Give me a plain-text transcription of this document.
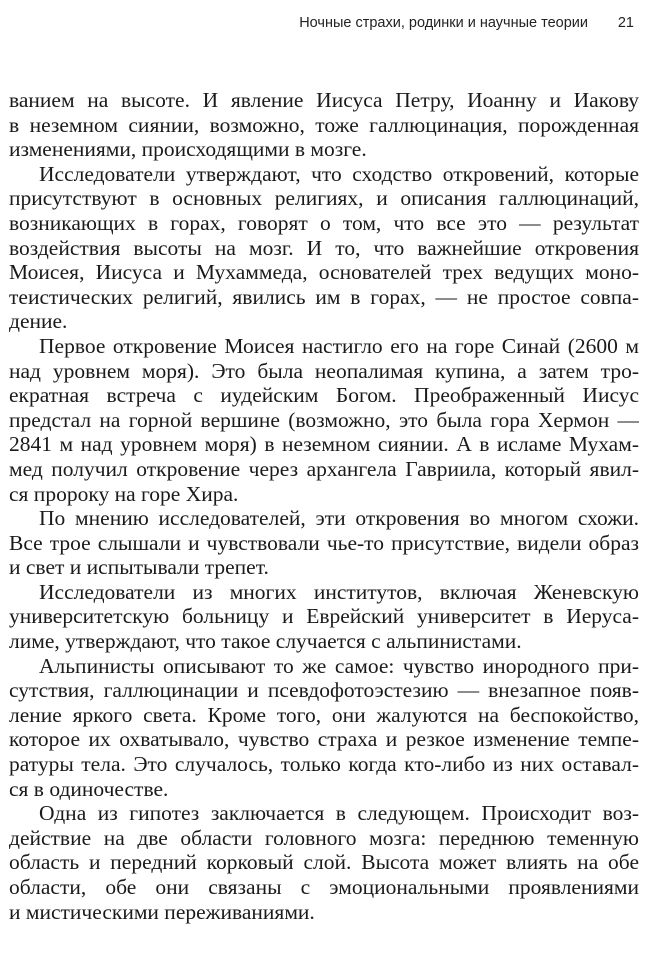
Ночные страхи, родинки и научные теории 21
ванием на высоте. И явление Иисуса Петру, Иоанну и Иакову
в неземном сиянии, возможно, тоже галлюцинация, порожденная
изменениями, происходящими в мозге.
Исследователи утверждают, что сходство откровений, которые
присутствуют в основных религиях, и описания галлюцинаций,
возникающих в горах, говорят о том, что все это — результат
воздействия высоты на мозг. И то, что важнейшие откровения
Моисея, Иисуса и Мухаммеда, основателей трех ведущих моно-
теистических религий, явились им в горах, — не простое совпа-
дение.
Первое откровение Моисея настигло его на горе Синай (2600 м
над уровнем моря). Это была неопалимая купина, а затем тро-
екратная встреча с иудейским Богом. Преображенный Иисус
предстал на горной вершине (возможно, это была гора Хермон —
2841 м над уровнем моря) в неземном сиянии. А в исламе Мухам-
мед получил откровение через архангела Гавриила, который явил-
ся пророку на горе Хира.
По мнению исследователей, эти откровения во многом схожи.
Все трое слышали и чувствовали чье-то присутствие, видели образ
и свет и испытывали трепет.
Исследователи из многих институтов, включая Женевскую
университетскую больницу и Еврейский университет в Иеруса-
лиме, утверждают, что такое случается с альпинистами.
Альпинисты описывают то же самое: чувство инородного при-
сутствия, галлюцинации и псевдофотоэстезию — внезапное появ-
ление яркого света. Кроме того, они жалуются на беспокойство,
которое их охватывало, чувство страха и резкое изменение темпе-
ратуры тела. Это случалось, только когда кто-либо из них оставал-
ся в одиночестве.
Одна из гипотез заключается в следующем. Происходит воз-
действие на две области головного мозга: переднюю теменную
область и передний корковый слой. Высота может влиять на обе
области, обе они связаны с эмоциональными проявлениями
и мистическими переживаниями.
